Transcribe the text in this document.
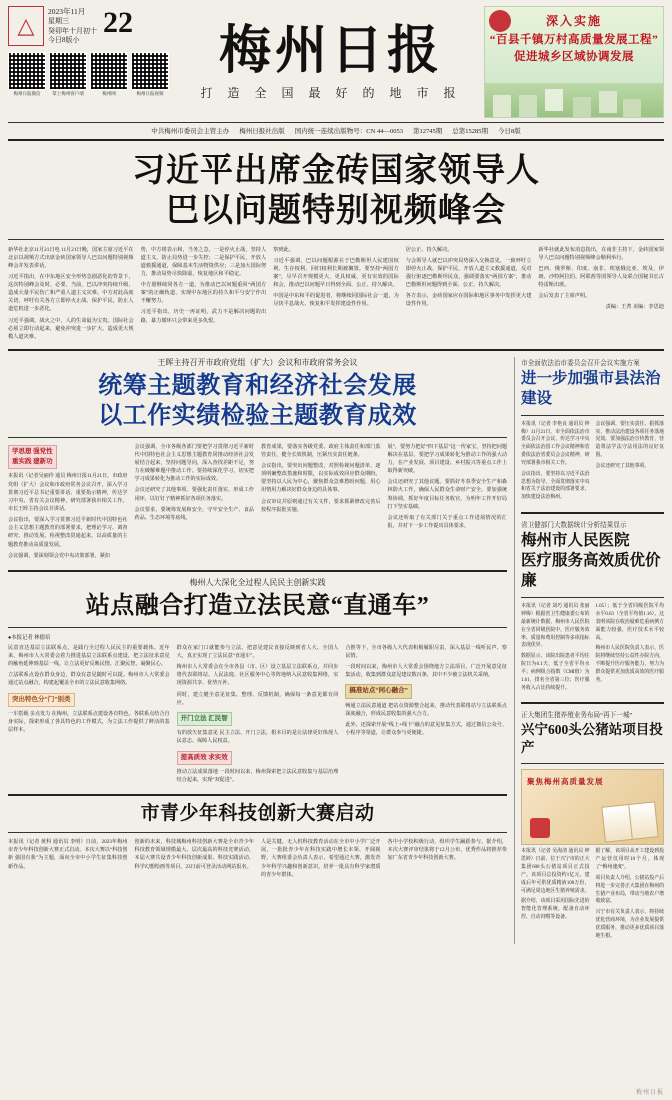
△
2023年11月
星期三
癸卯年十月初十
今日8版小
22
梅州日报微信	掌上梅州客户端	梅州网	梅州日报视频
梅州日报
打 造 全 国 最 好 的 地 市 报
深入实施
“百县千镇万村高质量发展工程”
促进城乡区域协调发展
中共梅州市委员会主管主办 梅州日报社出版 国内统一连续出版物号：CN 44—0053 第12745期 总第15285期 今日8版
习近平出席金砖国家领导人
巴以问题特别视频峰会

新华社北京11月21日电 11月21日晚，国家主席习近平在北京以视频方式出席金砖国家领导人巴以问题特别视频峰会并发表讲话。

习近平指出，在中东地区安全形势急剧恶化的背景下，这次特别峰会及时、必要。当前，巴以冲突持续升级，造成大量平民伤亡和严重人道主义灾难。中方对此高度关切，呼吁有关各方立即停火止战、保护平民，防止人道危机进一步恶化。

习近平强调，战火之中，人的生命最为宝贵。国际社会必须立即行动起来，避免冲突进一步扩大、造成更大规模人道灾难。

势，中方将表示和，当务之急，一是停火止战，坚持人道主义，防止局势进一步失控；二是保护平民，开放人道救援通道，保障基本生活物资供应；三是加大国际努力，推动局势尽快降温，恢复地区和平稳定。

中方愿继续同各方一道，为推动巴以问题重回“两国方案”的正确轨道、实现中东地区的持久和平与安宁作出不懈努力。

习近平指出，历史一再证明，武力不是解决问题的出路，暴力循环只会带来更多仇恨。

察到此。

习近平强调，巴以问题根源在于巴勒斯坦人民建国权利、生存权利、回归权利长期被搁置。要坚持“两国方案”，尽早召开规模更大、更具权威、更有实效的国际和会，推动巴以问题早日得到全面、公正、持久解决。

中国是中东和平的促进者，将继续同国际社会一道，为尽快平息战火、恢复和平发挥建设性作用。

居公正、持久解决。

与会领导人就巴以冲突局势深入交换意见，一致呼吁立即停火止战、保护平民、开放人道主义救援通道，反对强行驱逐巴勒斯坦民众，强调要落实“两国方案”，推动巴勒斯坦问题得到全面、公正、持久解决。

各方表示，金砖国家应在国际和地区事务中发挥更大建设性作用。

新华社就此发布消息指出，在南非主持下，金砖国家领导人巴以问题特别视频峰会顺利举行。

巴西、俄罗斯、印度、南非、埃塞俄比亚、埃及、伊朗、沙特阿拉伯、阿联酋等国领导人及联合国秘书长古特雷斯出席。

会后发表了主席声明。

责编：王菁 美编：李思迪

王晖主持召开市政府党组（扩大）会议和市政府常务会议
统筹主题教育和经济社会发展
以工作实绩检验主题教育成效
学思想 强党性
重实践 建新功

本报讯（记者吴丽伶 通员 梅州日报11月21日，市政府党组（扩大）会议和市政府常务会议召开，深入学习贯彻习近平总书记重要讲话、重要指示精神，传达学习中央、省有关会议精神，研究部署我市相关工作。市长王晖主持会议并讲话。

会议指出，要深入学习贯彻习近平新时代中国特色社会主义思想主题教育的部署要求，把理论学习、调查研究、推动发展、检视整改贯通起来，以高质量的主题教育推动高质量发展。

会议强调，要深刻领会党中央决策部署，紧扣

会议强调，全市各级各部门要把学习贯彻习近平新时代中国特色社会主义思想主题教育同推动经济社会发展结合起来，坚持问题导向，深入查找差距不足，努力在破解难题中推动工作。要持续深化学习，切实把学习成果转化为推动工作的实际成效。

会议还研究了其他事项。要强化责任落实，形成工作闭环，以钉钉子精神抓好各项任务落实。

会议要求，要统筹发展和安全，守牢安全生产、食品药品、生态环境等底线。

教育成果，要落实各级党委、政府主体责任和部门监管责任，健全长效机制，压紧压实责任链条。

会议指出，要突出问题整改，对照检视问题清单，逐项明确整改措施和时限，以实际成效回应群众期盼。要坚持以人民为中心，聚焦群众急难愁盼问题，用心用情用力解决好群众身边的具体事。

会议审议并原则通过有关文件，要求抓紧修改完善后按程序报批实施。

展”，要努力把好“四下基层”这一传家宝，坚持把问题解决在基层。要把学习成果转化为推动工作的强大动力，在产业发展、项目建设、乡村振兴等重点工作上取得新突破。

会议还研究了其他议题。要抓好冬春季安全生产和森林防火工作，确保人民群众生命财产安全。要加强统筹协调，抓好年度目标任务收官，为明年工作开好局打下坚实基础。

会议还听取了有关部门关于重点工作进展情况的汇报，并对下一步工作提出具体要求。

梅州人大深化全过程人民民主创新实践
站点融合打造立法民意“直通车”
●本报记者 林德培

民意直达基层立法联系点，是践行全过程人民民主的重要载体。近年来，梅州市人大常委会着力推进基层立法联系点建设，把立法征求意见的触角延伸到基层一线，让立法更好反映民情、汇聚民智、凝聚民心。

立法联系点设在群众身边，群众有意见随时可以提。梅州市人大常委会通过站点融合，构建起覆盖全市的立法民意收集网络。

突出特色分“门”别类

一车搭载 多点发力 在梅州，立法联系点建设各有特色。各联系点结合自身实际，探索形成了各具特色的工作模式，为立法工作提供了鲜活的基层样本。

群众在家门口就能参与立法，把意见建议直接反映到省人大、全国人大，真正实现了立法民意“直通车”。

梅州市人大常委会在全市各县（市、区）设立基层立法联系点，并同步将代表联络站、人民法庭、社区服务中心等阵地纳入民意收集网络，实现资源共享、优势互补。

同时，建立健全意见征集、整理、反馈机制，确保每一条意见都有回应。

开门立法 汇民智

有的放矢征集意见 民主立法、开门立法，根本目的是让法律更好体现人民意志、保障人民权益。

提高质效 求实效

推动立法成果落地 一段时间以来，梅州探索把立法民意收集与基层治理结合起来，实现“双促进”。

合推等下，全市各级人大代表积极履职尽责，深入基层一线听民声、察民情。

一段时间以来，梅州市人大常委会围绕地方立法项目，广泛开展意见征集活动，收集到群众意见建议数百条，其中不少被立法机关采纳。

搞准站点“同心融合”

畅通立法民意通道 把站点资源整合起来，推动代表联络站与立法联系点深度融合，形成民意收集的强大合力。

此外，还探索开展“线上+线下”融合的意见征集方式，通过微信公众号、小程序等渠道，让群众参与更便捷。

市青少年科技创新大赛启动

本报讯（记者 黄科 通讯员 李明）日前，2023年梅州市青少年科技创新大赛正式启动。本次大赛以“科技创新 强国有我”为主题，面向全市中小学生征集科技创新作品。

创新的未来，科技城梅州科技创新大赛是全市青少年科技教育领域规模最大、层次最高的科技竞赛活动。本届大赛共设青少年科技创新成果、科技实践活动、科学幻想绘画等项目，23日前可登录活动网站报名。

人是关键。无人机科技教育活动在全市中小学广泛开展，一批批青少年在科技实践中增长本领、开阔视野。大赛组委会负责人表示，希望通过大赛，激发青少年科学兴趣和创新意识，培养一批具有科学家潜质的青少年群体。

各中小学校积极行动，组织学生踊跃参与。据介绍，本次大赛评审结果将于12月公布，优秀作品将推荐参加广东省青少年科技创新大赛。

市全面依法治市委员会召开会议实施方案
进一步加强市县法治建设

本报讯（记者 李艳良 通讯员 钟梅）11月21日，市全面依法治市委员会召开会议，传达学习中央全面依法治国工作会议精神和省委依法治省委员会会议精神，研究部署我市相关工作。

会议指出，要坚持以习近平法治思想为指导，全面贯彻落实中央和省关于法治建设的部署要求，加快建设法治梅州。

会议强调，要压实责任、狠抓落实，推动法治建设各项任务落地见效。要加强法治宣传教育，营造尊法学法守法用法的良好氛围。

会议还研究了其他事项。

省卫健部门大数据统计分析结果显示
梅州市人民医院
医疗服务高效质优价廉

本报讯（记者 刘巧 通讯员 张丽 钟梅）根据省卫生健康委公布的最新统计数据，梅州市人民医院在全省同级医院中，医疗服务效率、质量和费用控制等多项指标表现优异。

数据显示，该院出院患者平均住院日为6.1天，低于全省平均水平；病例组合指数（CMI值）为1.61，排名全省第三位；医疗服务收入占比持续提升。

1.05）；低于全省同级医院平均水平0.63（全省平均值1.16）。这表明该院在收治疑难危重病例方面能力较强，医疗技术水平较高。

梅州市人民医院负责人表示，医院将继续坚持公益性办院方向，不断提升医疗服务能力，努力为群众提供更加优质高效的医疗服务。

正大集团生猪养殖业务布局“再下一城”
兴宁600头公猪站项目投产
聚焦梅州高质量发展

本报讯（记者 吴海清 通讯员 钟思婷）日前，位于兴宁市的正大集团600头公猪站项目正式投产。该项目总投资约1亿元，建成后年可供优质精液100万份，可满足周边地区生猪养殖需求。

据介绍，该项目采用国际先进的智能化管理系统，配备自动环控、自动饲喂等设备。

据了解，该项目从开工建设到投产运营仅用时10个月，体现了“梅州速度”。

项目负责人介绍，公猪站投产后将进一步完善正大集团在梅州的生猪产业布局，带动当地农户增收致富。

兴宁市有关负责人表示，将持续优化营商环境，为企业发展提供优质服务，推动更多优质项目落地生根。

梅州日报
